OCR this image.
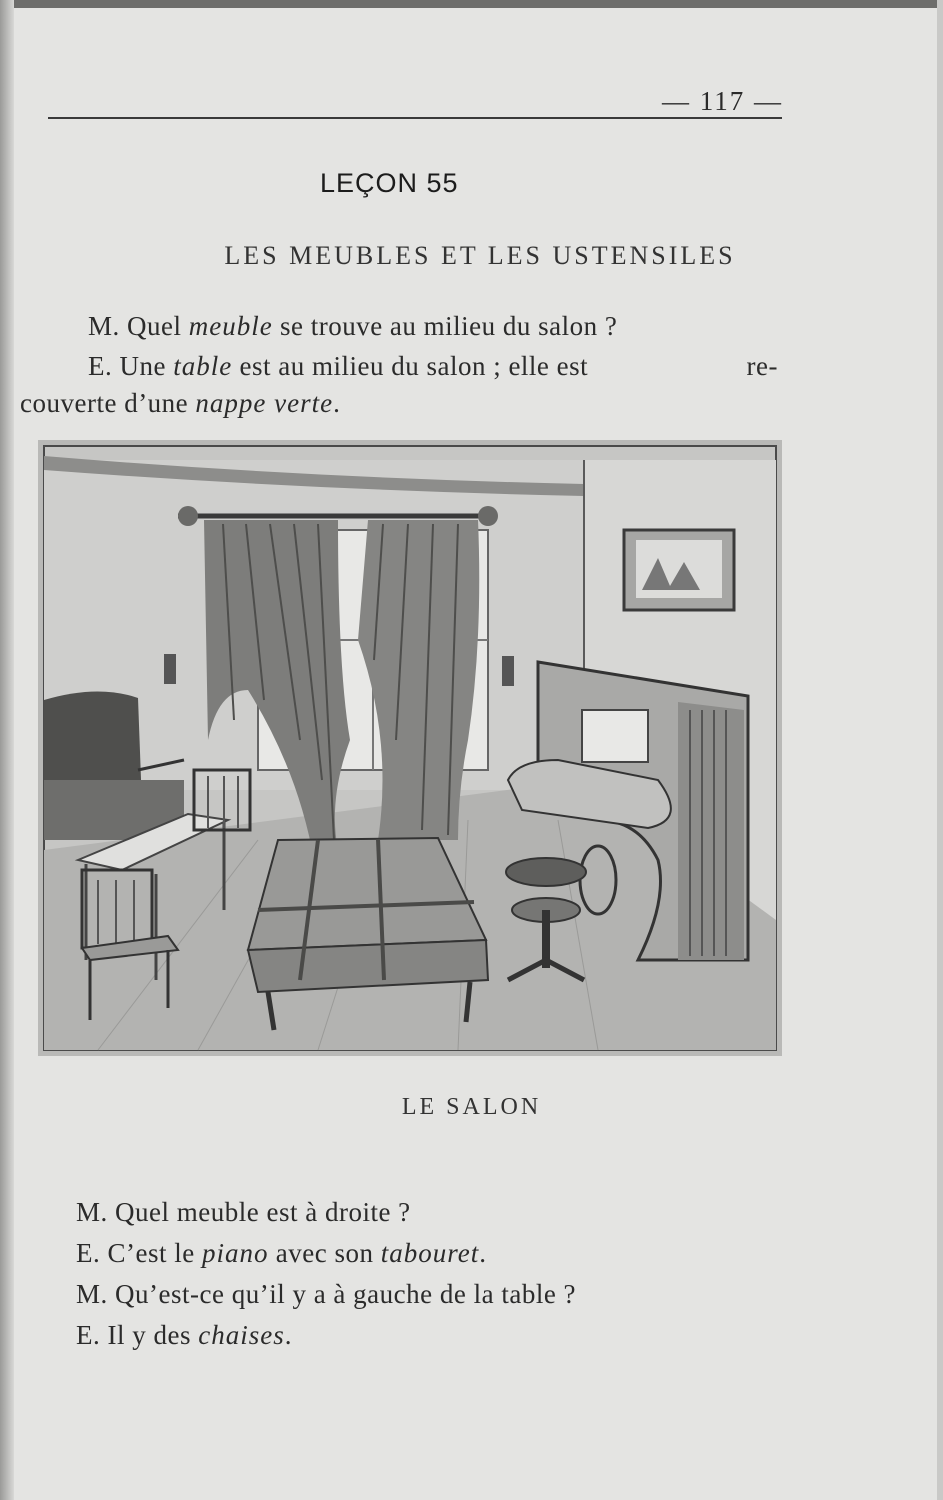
— 117 —
LEÇON 55
LES MEUBLES ET LES USTENSILES
M. Quel meuble se trouve au milieu du salon ?
E. Une table est au milieu du salon ; elle est	re-
couverte d’une nappe verte.
LE SALON
M. Quel meuble est à droite ?
E. C’est le piano avec son tabouret.
M. Qu’est-ce qu’il y a à gauche de la table ?
E. Il y des chaises.
